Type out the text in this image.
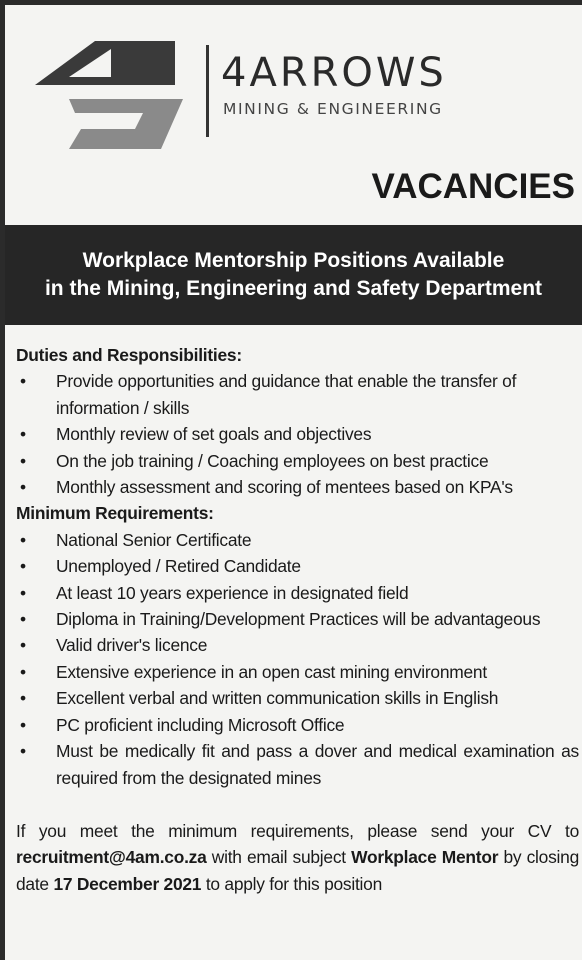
4ARROWS
MINING & ENGINEERING
VACANCIES
Workplace Mentorship Positions Available
in the Mining, Engineering and Safety Department
Duties and Responsibilities:
• Provide opportunities and guidance that enable the transfer of information / skills
• Monthly review of set goals and objectives
• On the job training / Coaching employees on best practice
• Monthly assessment and scoring of mentees based on KPA's
Minimum Requirements:
• National Senior Certificate
• Unemployed / Retired Candidate
• At least 10 years experience in designated field
• Diploma in Training/Development Practices will be advantageous
• Valid driver's licence
• Extensive experience in an open cast mining environment
• Excellent verbal and written communication skills in English
• PC proficient including Microsoft Office
• Must be medically fit and pass a dover and medical examination as required from the designated mines

If you meet the minimum requirements, please send your CV to recruitment@4am.co.za with email subject Workplace Mentor by closing date 17 December 2021 to apply for this position
